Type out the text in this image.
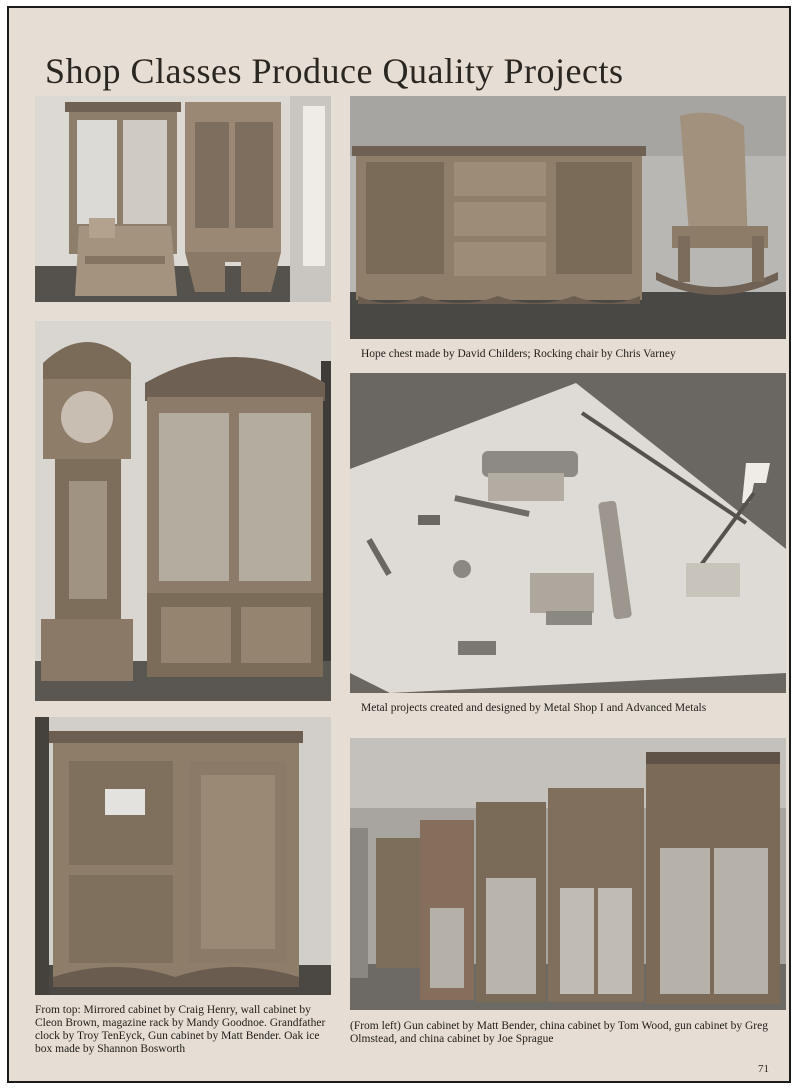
Shop Classes Produce Quality Projects

Hope chest made by David Childers; Rocking chair by Chris Varney

Metal projects created and designed by Metal Shop I and Advanced Metals

From top: Mirrored cabinet by Craig Henry, wall cabinet by Cleon Brown, magazine rack by Mandy Goodnoe. Grandfather clock by Troy TenEyck, Gun cabinet by Matt Bender. Oak ice box made by Shannon Bosworth

(From left) Gun cabinet by Matt Bender, china cabinet by Tom Wood, gun cabinet by Greg Olmstead, and china cabinet by Joe Sprague

71
